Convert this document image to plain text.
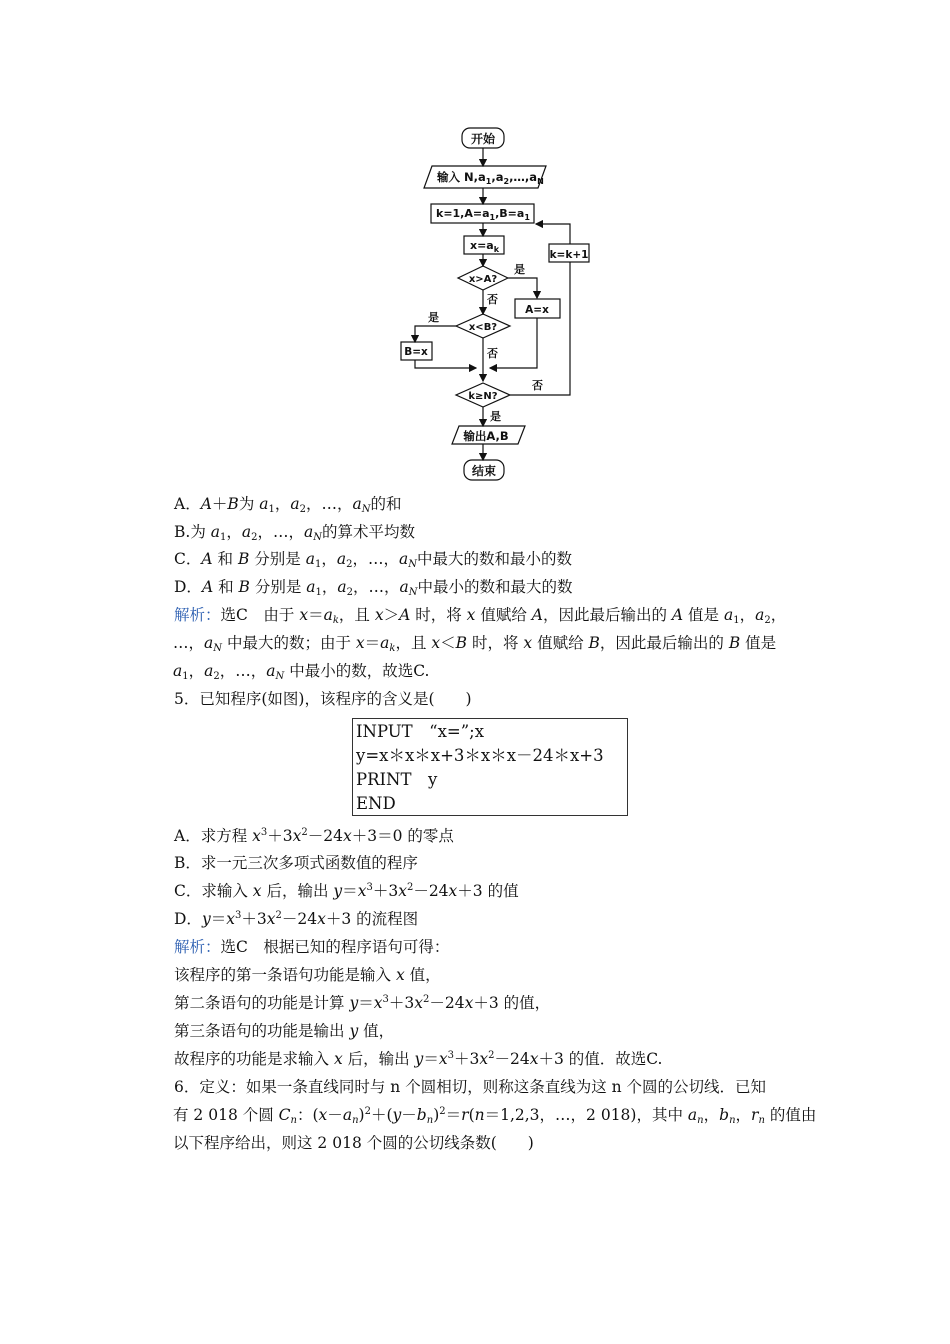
开始
输入 $N,a_1,a_2,\dots,a_N$
$k=1,A=a_1,B=a_1$
$x=a_k$
x>A?
A=x
x<B?
B=x
k=k+1
k≥N?
输出A,B
结束
是
否
是
否
否
是
A．A＋B为 $a_1$，$a_2$，…，$a_N$的和
B.为 $a_1$，$a_2$，…，$a_N$的算术平均数
C．A 和 B 分别是 $a_1$，$a_2$，…，$a_N$中最大的数和最小的数
D．A 和 B 分别是 $a_1$，$a_2$，…，$a_N$中最小的数和最大的数
解析：选C　由于 $x=a_k$，且 x＞A 时，将 x 值赋给 A，因此最后输出的 A 值是 $a_1$，$a_2$，
…，$a_N$ 中最大的数；由于 $x=a_k$，且 x＜B 时，将 x 值赋给 B，因此最后输出的 B 值是
$a_1$，$a_2$，…，$a_N$ 中最小的数，故选C.
5．已知程序(如图)，该程序的含义是(　　)
INPUT　“x=”;x
y=x＊x＊x+3＊x＊x－24＊x+3
PRINT　y
END
A．求方程 $x^3+3x^2-24x+3=0$ 的零点
B．求一元三次多项式函数值的程序
C．求输入 x 后，输出 $y=x^3+3x^2-24x+3$ 的值
D．$y=x^3+3x^2-24x+3$ 的流程图
解析：选C　根据已知的程序语句可得：
该程序的第一条语句功能是输入 x 值，
第二条语句的功能是计算 $y=x^3+3x^2-24x+3$ 的值，
第三条语句的功能是输出 y 值，
故程序的功能是求输入 x 后，输出 $y=x^3+3x^2-24x+3$ 的值．故选C.
6．定义：如果一条直线同时与 n 个圆相切，则称这条直线为这 n 个圆的公切线．已知
有 2 018 个圆 $C_n$：$(x-a_n)^2+(y-b_n)^2=r(n=1,2,3$，…，2 018)，其中 $a_n$，$b_n$，$r_n$ 的值由
以下程序给出，则这 2 018 个圆的公切线条数(　　)
